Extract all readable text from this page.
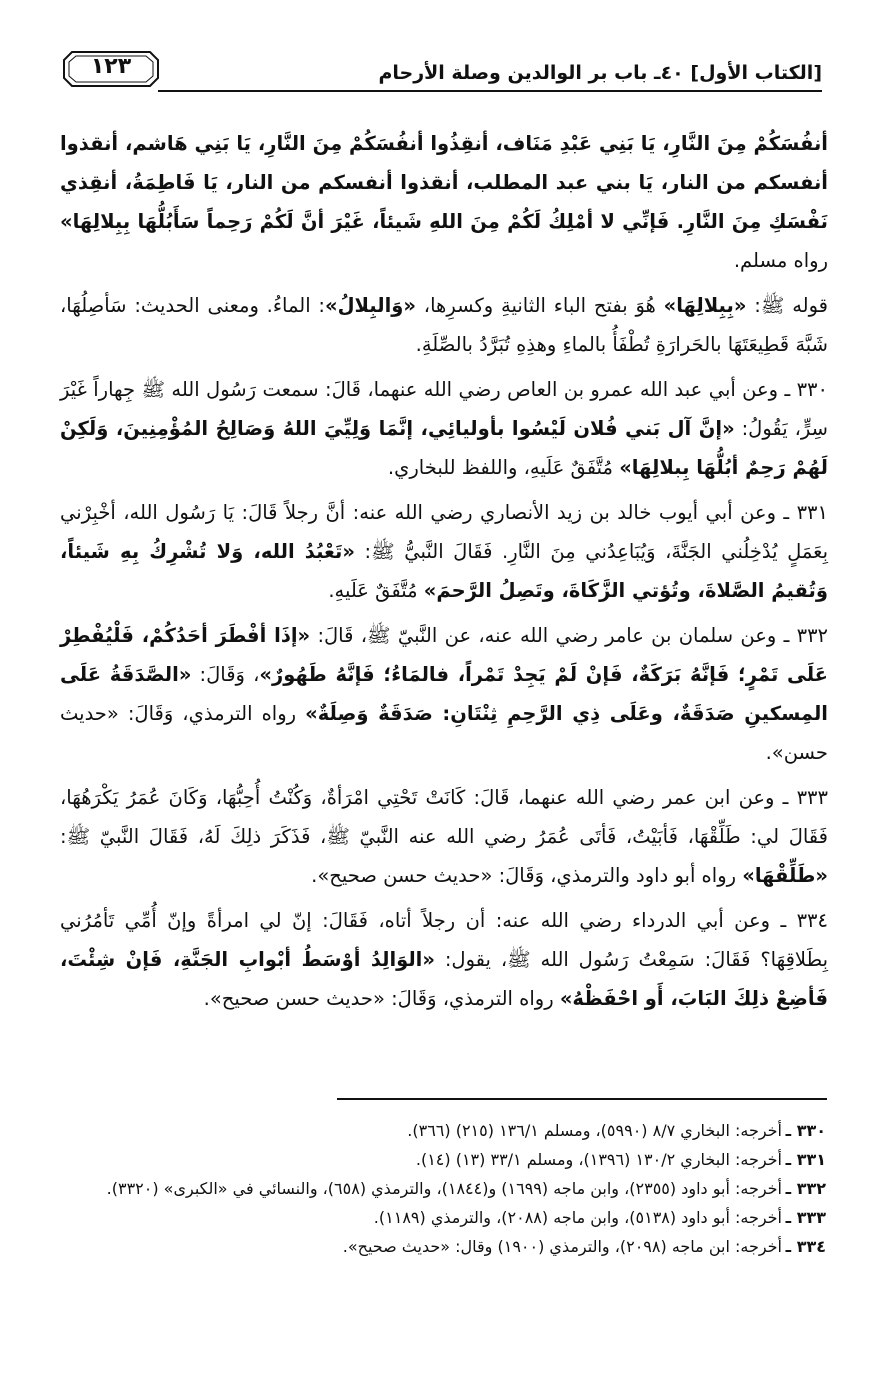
[الكتاب الأول] ٤٠ـ باب بر الوالدين وصلة الأرحام
١٢٣

أنفُسَكُمْ مِنَ النَّارِ، يَا بَنِي عَبْدِ مَنَاف، أنقِذُوا أنفُسَكُمْ مِنَ النَّارِ، يَا بَنِي هَاشم، أنقذوا أنفسكم من النار، يَا بني عبد المطلب، أنقذوا أنفسكم من النار، يَا فَاطِمَةُ، أنقِذي نَفْسَكِ مِنَ النَّارِ. فَإنِّي لا أمْلِكُ لَكُمْ مِنَ اللهِ شَيئاً، غَيْرَ أنَّ لَكُمْ رَحِماً سَأَبُلُّهَا بِبِلالِهَا» رواه مسلم.

قوله ﷺ: «بِبِلالِهَا» هُوَ بفتح الباء الثانيةِ وكسرِها، «وَالبِلالُ»: الماءُ. ومعنى الحديث: سَأصِلُهَا، شَبَّهَ قَطِيعَتَهَا بالحَرارَةِ تُطْفَأُ بالماءِ وهذِهِ تُبَرَّدُ بالصِّلَةِ.

٣٣٠ ـ وعن أبي عبد الله عمرو بن العاص رضي الله عنهما، قَالَ: سمعت رَسُول الله ﷺ جِهاراً غَيْرَ سِرٍّ، يَقُولُ: «إنَّ آل بَني فُلان لَيْسُوا بأوليائِي، إنَّمَا وَلِيِّيَ اللهُ وَصَالِحُ المُؤْمِنِينَ، وَلَكِنْ لَهُمْ رَحِمٌ أبُلُّهَا بِبلالِهَا» مُتَّفَقٌ عَلَيهِ، واللفظ للبخاري.

٣٣١ ـ وعن أبي أيوب خالد بن زيد الأنصاري رضي الله عنه: أنَّ رجلاً قَالَ: يَا رَسُول الله، أخْبِرْني بِعَمَلٍ يُدْخِلُني الجَنَّةَ، وَيُبَاعِدُني مِنَ النَّارِ. فَقَالَ النَّبيُّ ﷺ: «تَعْبُدُ الله، وَلا تُشْرِكُ بِهِ شَيئاً، وَتُقيمُ الصَّلاةَ، وتُؤتي الزَّكَاةَ، وتَصِلُ الرَّحمَ» مُتَّفَقٌ عَلَيهِ.

٣٣٢ ـ وعن سلمان بن عامر رضي الله عنه، عن النَّبيّ ﷺ، قَالَ: «إذَا أفْطَرَ أحَدُكُمْ، فَلْيُفْطِرْ عَلَى تَمْرٍ؛ فَإنَّهُ بَرَكَةٌ، فَإنْ لَمْ يَجِدْ تَمْراً، فالمَاءُ؛ فَإنَّهُ طَهُورٌ»، وَقَالَ: «الصَّدَقَةُ عَلَى المِسكينِ صَدَقَةٌ، وعَلَى ذِي الرَّحِمِ ثِنْتَانِ: صَدَقَةٌ وَصِلَةٌ» رواه الترمذي، وَقَالَ: «حديث حسن».

٣٣٣ ـ وعن ابن عمر رضي الله عنهما، قَالَ: كَانَتْ تَحْتِي امْرَأةٌ، وَكُنْتُ أُحِبُّهَا، وَكَانَ عُمَرُ يَكْرَهُهَا، فَقَالَ لي: طَلِّقْهَا، فَأبَيْتُ، فَأتَى عُمَرُ رضي الله عنه النَّبيّ ﷺ، فَذَكَرَ ذلِكَ لَهُ، فَقَالَ النَّبيّ ﷺ: «طَلِّقْهَا» رواه أبو داود والترمذي، وَقَالَ: «حديث حسن صحيح».

٣٣٤ ـ وعن أبي الدرداء رضي الله عنه: أن رجلاً أتاه، فَقَالَ: إنّ لي امرأةً وإنّ أُمِّي تَأمُرُني بِطَلاقِهَا؟ فَقَالَ: سَمِعْتُ رَسُول الله ﷺ، يقول: «الوَالِدُ أوْسَطُ أبْوابِ الجَنَّةِ، فَإنْ شِئْتَ، فَأضِعْ ذلِكَ البَابَ، أَو احْفَظْهُ» رواه الترمذي، وَقَالَ: «حديث حسن صحيح».

٣٣٠ ـ
أخرجه: البخاري ٨/٧ (٥٩٩٠)، ومسلم ١٣٦/١ (٢١٥) (٣٦٦).

٣٣١ ـ
أخرجه: البخاري ١٣٠/٢ (١٣٩٦)، ومسلم ٣٣/١ (١٣) (١٤).

٣٣٢ ـ
أخرجه: أبو داود (٢٣٥٥)، وابن ماجه (١٦٩٩) و(١٨٤٤)، والترمذي (٦٥٨)، والنسائي في «الكبرى» (٣٣٢٠).

٣٣٣ ـ
أخرجه: أبو داود (٥١٣٨)، وابن ماجه (٢٠٨٨)، والترمذي (١١٨٩).

٣٣٤ ـ
أخرجه: ابن ماجه (٢٠٩٨)، والترمذي (١٩٠٠) وقال: «حديث صحيح».
